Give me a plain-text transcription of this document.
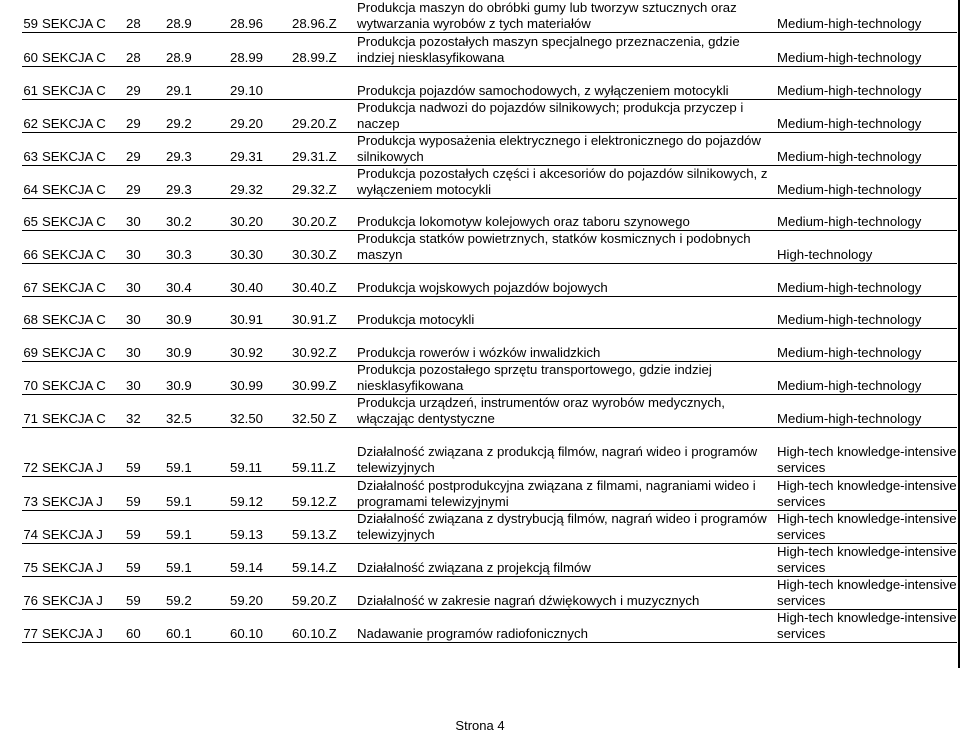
59	SEKCJA C	28	28.9	28.96	28.96.Z	Produkcja maszyn do obróbki gumy lub tworzyw sztucznych oraz wytwarzania wyrobów z tych materiałów	Medium-high-technology
60	SEKCJA C	28	28.9	28.99	28.99.Z	Produkcja pozostałych maszyn specjalnego przeznaczenia, gdzie indziej niesklasyfikowana	Medium-high-technology

61	SEKCJA C	29	29.1	29.10		Produkcja pojazdów samochodowych, z wyłączeniem motocykli	Medium-high-technology
62	SEKCJA C	29	29.2	29.20	29.20.Z	Produkcja nadwozi do pojazdów silnikowych; produkcja przyczep i naczep	Medium-high-technology
63	SEKCJA C	29	29.3	29.31	29.31.Z	Produkcja wyposażenia elektrycznego i elektronicznego do pojazdów silnikowych	Medium-high-technology
64	SEKCJA C	29	29.3	29.32	29.32.Z	Produkcja pozostałych części i akcesoriów do pojazdów silnikowych, z wyłączeniem motocykli	Medium-high-technology

65	SEKCJA C	30	30.2	30.20	30.20.Z	Produkcja lokomotyw kolejowych oraz taboru szynowego	Medium-high-technology
66	SEKCJA C	30	30.3	30.30	30.30.Z	Produkcja statków powietrznych, statków kosmicznych i podobnych maszyn	High-technology

67	SEKCJA C	30	30.4	30.40	30.40.Z	Produkcja wojskowych pojazdów bojowych	Medium-high-technology

68	SEKCJA C	30	30.9	30.91	30.91.Z	Produkcja motocykli	Medium-high-technology

69	SEKCJA C	30	30.9	30.92	30.92.Z	Produkcja rowerów i wózków inwalidzkich	Medium-high-technology
70	SEKCJA C	30	30.9	30.99	30.99.Z	Produkcja pozostałego sprzętu transportowego, gdzie indziej niesklasyfikowana	Medium-high-technology
71	SEKCJA C	32	32.5	32.50	32.50 Z	Produkcja urządzeń, instrumentów oraz wyrobów medycznych, włączając dentystyczne	Medium-high-technology

72	SEKCJA J	59	59.1	59.11	59.11.Z	Działalność związana z produkcją filmów, nagrań wideo i programów telewizyjnych	High-tech knowledge-intensive services
73	SEKCJA J	59	59.1	59.12	59.12.Z	Działalność postprodukcyjna związana z filmami, nagraniami wideo i programami telewizyjnymi	High-tech knowledge-intensive services
74	SEKCJA J	59	59.1	59.13	59.13.Z	Działalność związana z dystrybucją filmów, nagrań wideo i programów telewizyjnych	High-tech knowledge-intensive services
75	SEKCJA J	59	59.1	59.14	59.14.Z	Działalność związana z projekcją filmów	High-tech knowledge-intensive services
76	SEKCJA J	59	59.2	59.20	59.20.Z	Działalność w zakresie nagrań dźwiękowych i muzycznych	High-tech knowledge-intensive services
77	SEKCJA J	60	60.1	60.10	60.10.Z	Nadawanie programów radiofonicznych	High-tech knowledge-intensive services
Strona 4
